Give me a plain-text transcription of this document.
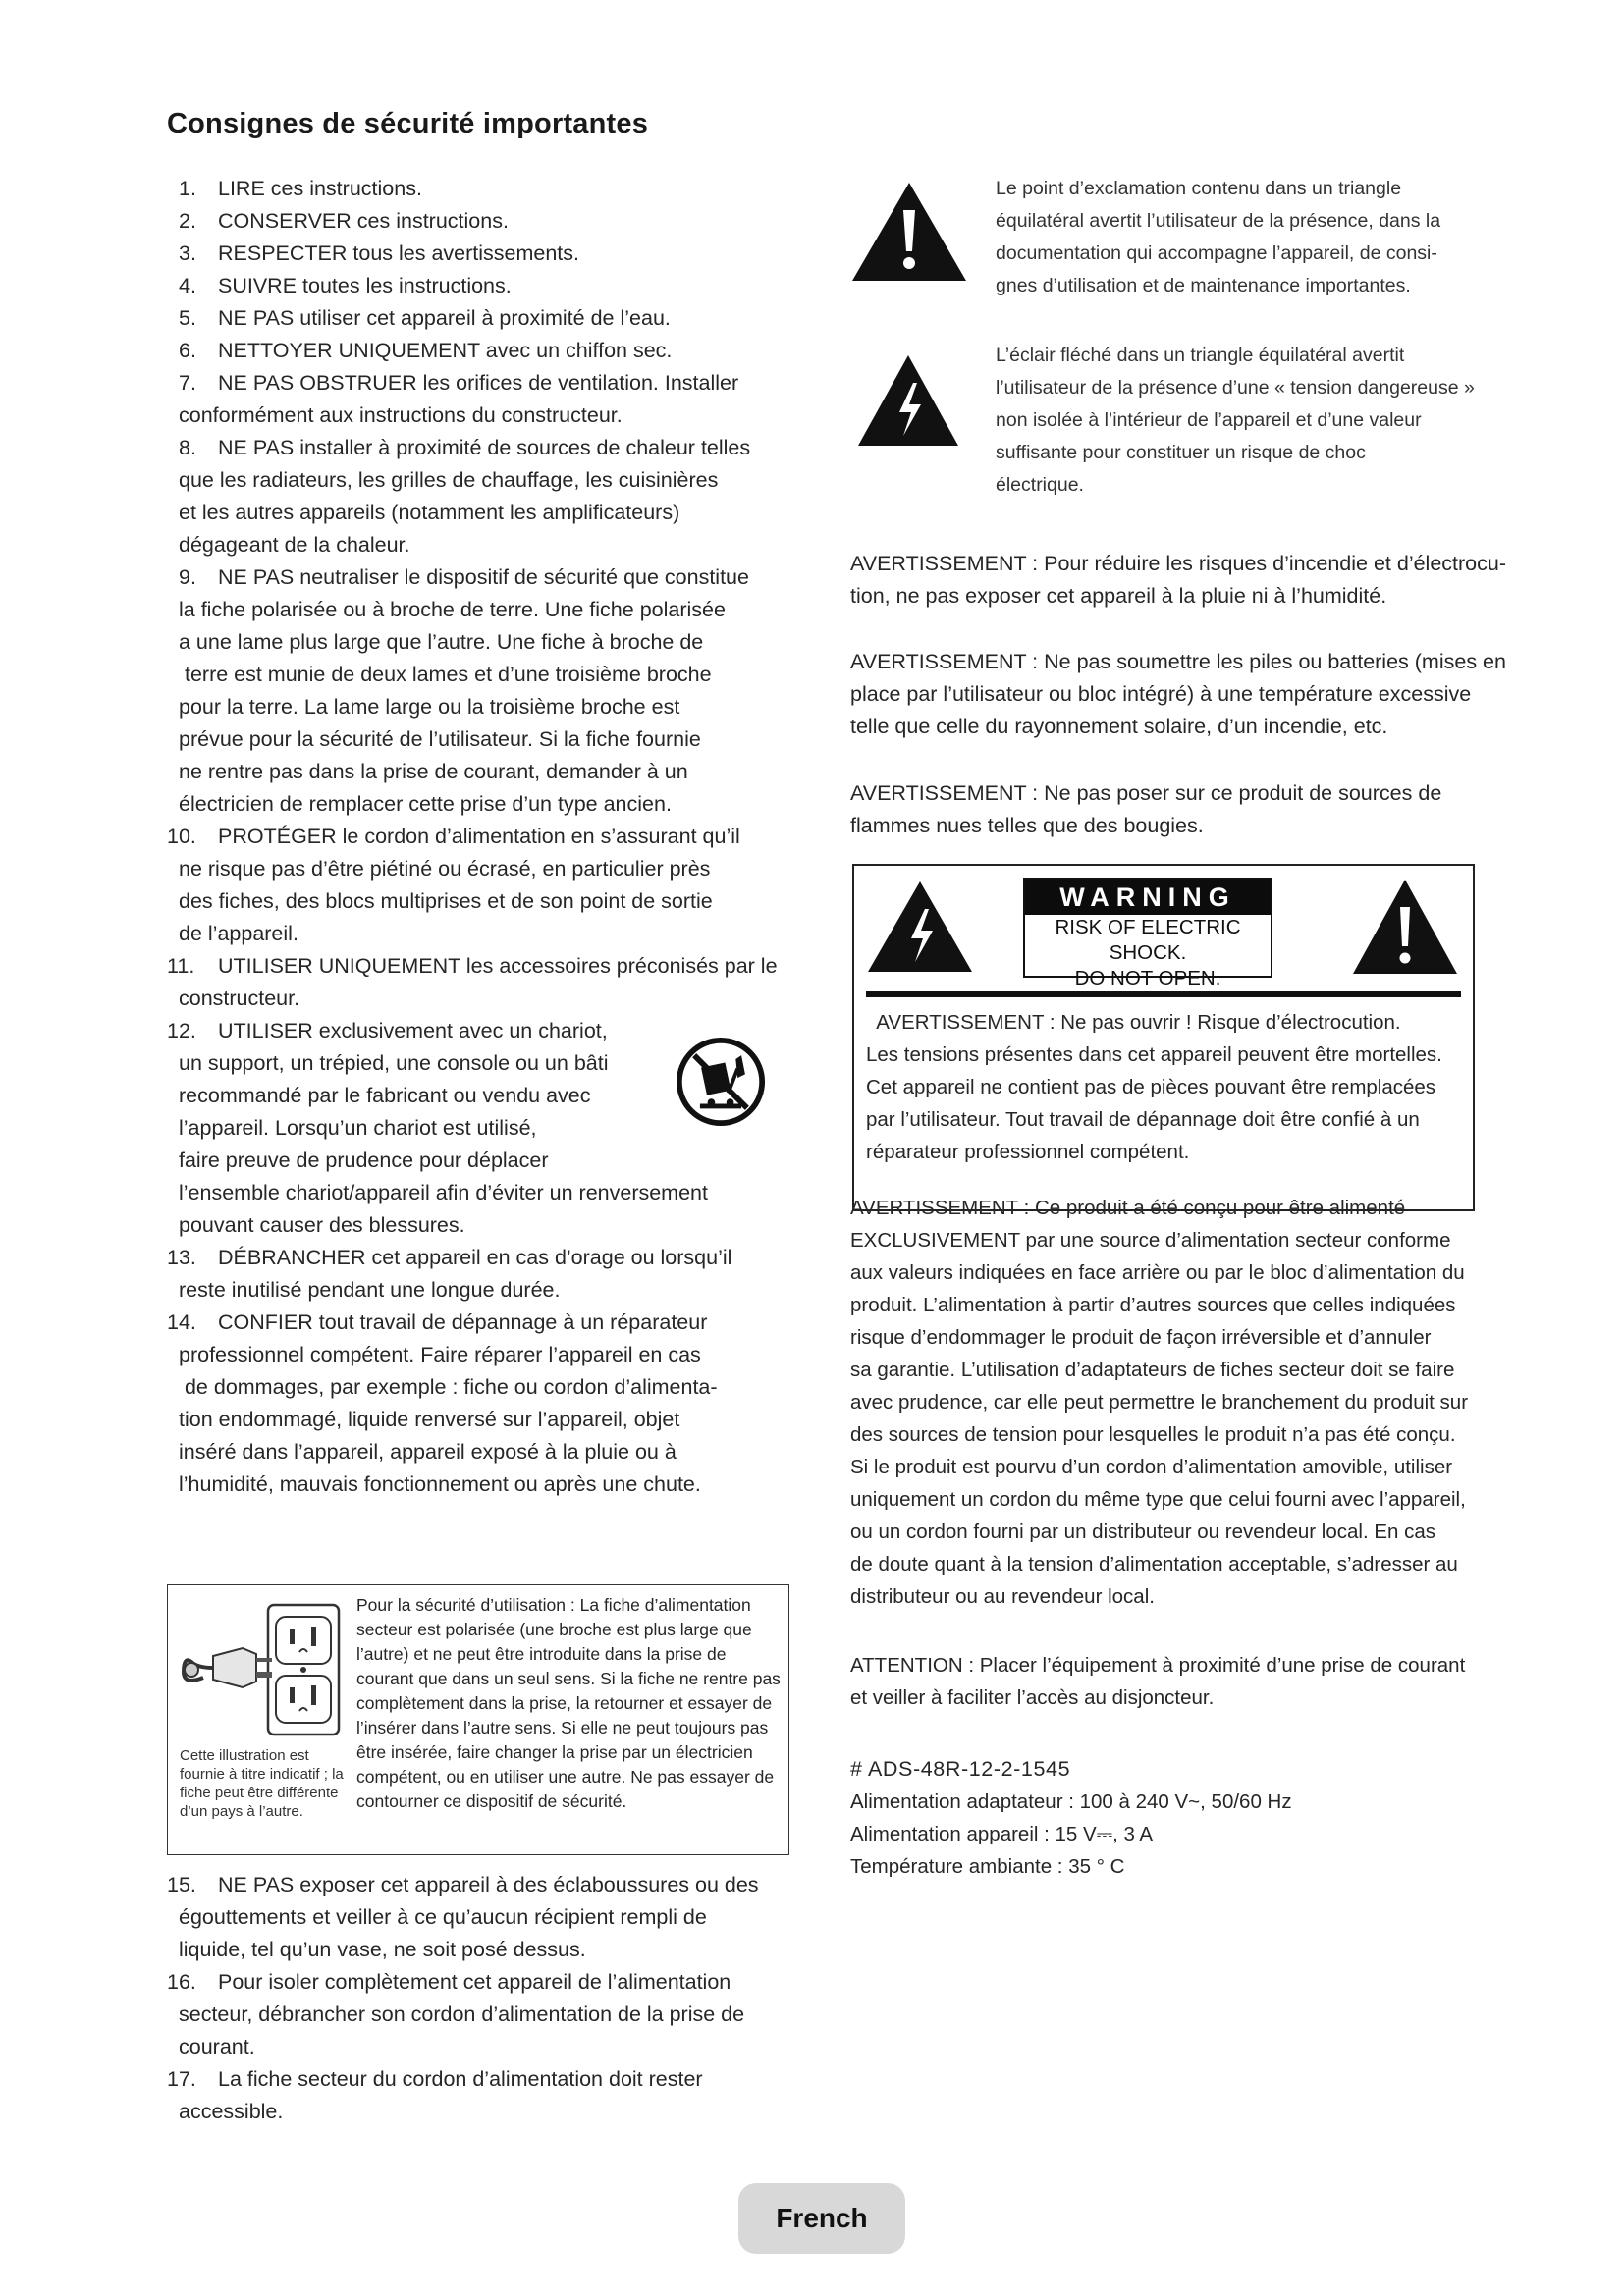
Consignes de sécurité importantes
1. LIRE ces instructions.
2. CONSERVER ces instructions.
3. RESPECTER tous les avertissements.
4. SUIVRE toutes les instructions.
5. NE PAS utiliser cet appareil à proximité de l’eau.
6. NETTOYER UNIQUEMENT avec un chiffon sec.
7. NE PAS OBSTRUER les orifices de ventilation. Installer
conformément aux instructions du constructeur.
8. NE PAS installer à proximité de sources de chaleur telles
que les radiateurs, les grilles de chauffage, les cuisinières
et les autres appareils (notamment les amplificateurs)
dégageant de la chaleur.
9. NE PAS neutraliser le dispositif de sécurité que constitue
la fiche polarisée ou à broche de terre. Une fiche polarisée
a une lame plus large que l’autre. Une fiche à broche de
terre est munie de deux lames et d’une troisième broche
pour la terre. La lame large ou la troisième broche est
prévue pour la sécurité de l’utilisateur. Si la fiche fournie
ne rentre pas dans la prise de courant, demander à un
électricien de remplacer cette prise d’un type ancien.
10. PROTÉGER le cordon d’alimentation en s’assurant qu’il
ne risque pas d’être piétiné ou écrasé, en particulier près
des fiches, des blocs multiprises et de son point de sortie
de l’appareil.
11. UTILISER UNIQUEMENT les accessoires préconisés par le
constructeur.
12. UTILISER exclusivement avec un chariot,
un support, un trépied, une console ou un bâti
recommandé par le fabricant ou vendu avec
l’appareil. Lorsqu’un chariot est utilisé,
faire preuve de prudence pour déplacer
l’ensemble chariot/appareil afin d’éviter un renversement
pouvant causer des blessures.
13. DÉBRANCHER cet appareil en cas d’orage ou lorsqu’il
reste inutilisé pendant une longue durée.
14. CONFIER tout travail de dépannage à un réparateur
professionnel compétent. Faire réparer l’appareil en cas
de dommages, par exemple : fiche ou cordon d’alimenta-
tion endommagé, liquide renversé sur l’appareil, objet
inséré dans l’appareil, appareil exposé à la pluie ou à
l’humidité, mauvais fonctionnement ou après une chute.
Cette illustration est
fournie à titre indicatif ; la
fiche peut être différente
d’un pays à l’autre.
Pour la sécurité d’utilisation : La fiche d’alimentation
secteur est polarisée (une broche est plus large que
l’autre) et ne peut être introduite dans la prise de
courant que dans un seul sens. Si la fiche ne rentre pas
complètement dans la prise, la retourner et essayer de
l’insérer dans l’autre sens. Si elle ne peut toujours pas
être insérée, faire changer la prise par un électricien
compétent, ou en utiliser une autre. Ne pas essayer de
contourner ce dispositif de sécurité.
15. NE PAS exposer cet appareil à des éclaboussures ou des
égouttements et veiller à ce qu’aucun récipient rempli de
liquide, tel qu’un vase, ne soit posé dessus.
16. Pour isoler complètement cet appareil de l’alimentation
secteur, débrancher son cordon d’alimentation de la prise de
courant.
17. La fiche secteur du cordon d’alimentation doit rester
accessible.
Le point d’exclamation contenu dans un triangle
équilatéral avertit l’utilisateur de la présence, dans la
documentation qui accompagne l’appareil, de consi-
gnes d’utilisation et de maintenance importantes.
L’éclair fléché dans un triangle équilatéral avertit
l’utilisateur de la présence d’une « tension dangereuse »
non isolée à l’intérieur de l’appareil et d’une valeur
suffisante pour constituer un risque de choc
électrique.
AVERTISSEMENT : Pour réduire les risques d’incendie et d’électrocu-
tion, ne pas exposer cet appareil à la pluie ni à l’humidité.
AVERTISSEMENT : Ne pas soumettre les piles ou batteries (mises en
place par l’utilisateur ou bloc intégré) à une température excessive
telle que celle du rayonnement solaire, d’un incendie, etc.
AVERTISSEMENT : Ne pas poser sur ce produit de sources de
flammes nues telles que des bougies.
WARNING
RISK OF ELECTRIC SHOCK.
DO NOT OPEN.
AVERTISSEMENT : Ne pas ouvrir ! Risque d’électrocution.
Les tensions présentes dans cet appareil peuvent être mortelles.
Cet appareil ne contient pas de pièces pouvant être remplacées
par l’utilisateur. Tout travail de dépannage doit être confié à un
réparateur professionnel compétent.
AVERTISSEMENT : Ce produit a été conçu pour être alimenté
EXCLUSIVEMENT par une source d’alimentation secteur conforme
aux valeurs indiquées en face arrière ou par le bloc d’alimentation du
produit. L’alimentation à partir d’autres sources que celles indiquées
risque d’endommager le produit de façon irréversible et d’annuler
sa garantie. L’utilisation d’adaptateurs de fiches secteur doit se faire
avec prudence, car elle peut permettre le branchement du produit sur
des sources de tension pour lesquelles le produit n’a pas été conçu.
Si le produit est pourvu d’un cordon d’alimentation amovible, utiliser
uniquement un cordon du même type que celui fourni avec l’appareil,
ou un cordon fourni par un distributeur ou revendeur local. En cas
de doute quant à la tension d’alimentation acceptable, s’adresser au
distributeur ou au revendeur local.
ATTENTION : Placer l’équipement à proximité d’une prise de courant
et veiller à faciliter l’accès au disjoncteur.

# ADS-48R-12-2-1545

Alimentation adaptateur : 100 à 240 V~, 50/60 Hz

Alimentation appareil : 15 V⎓, 3 A

Température ambiante : 35 ° C

French
